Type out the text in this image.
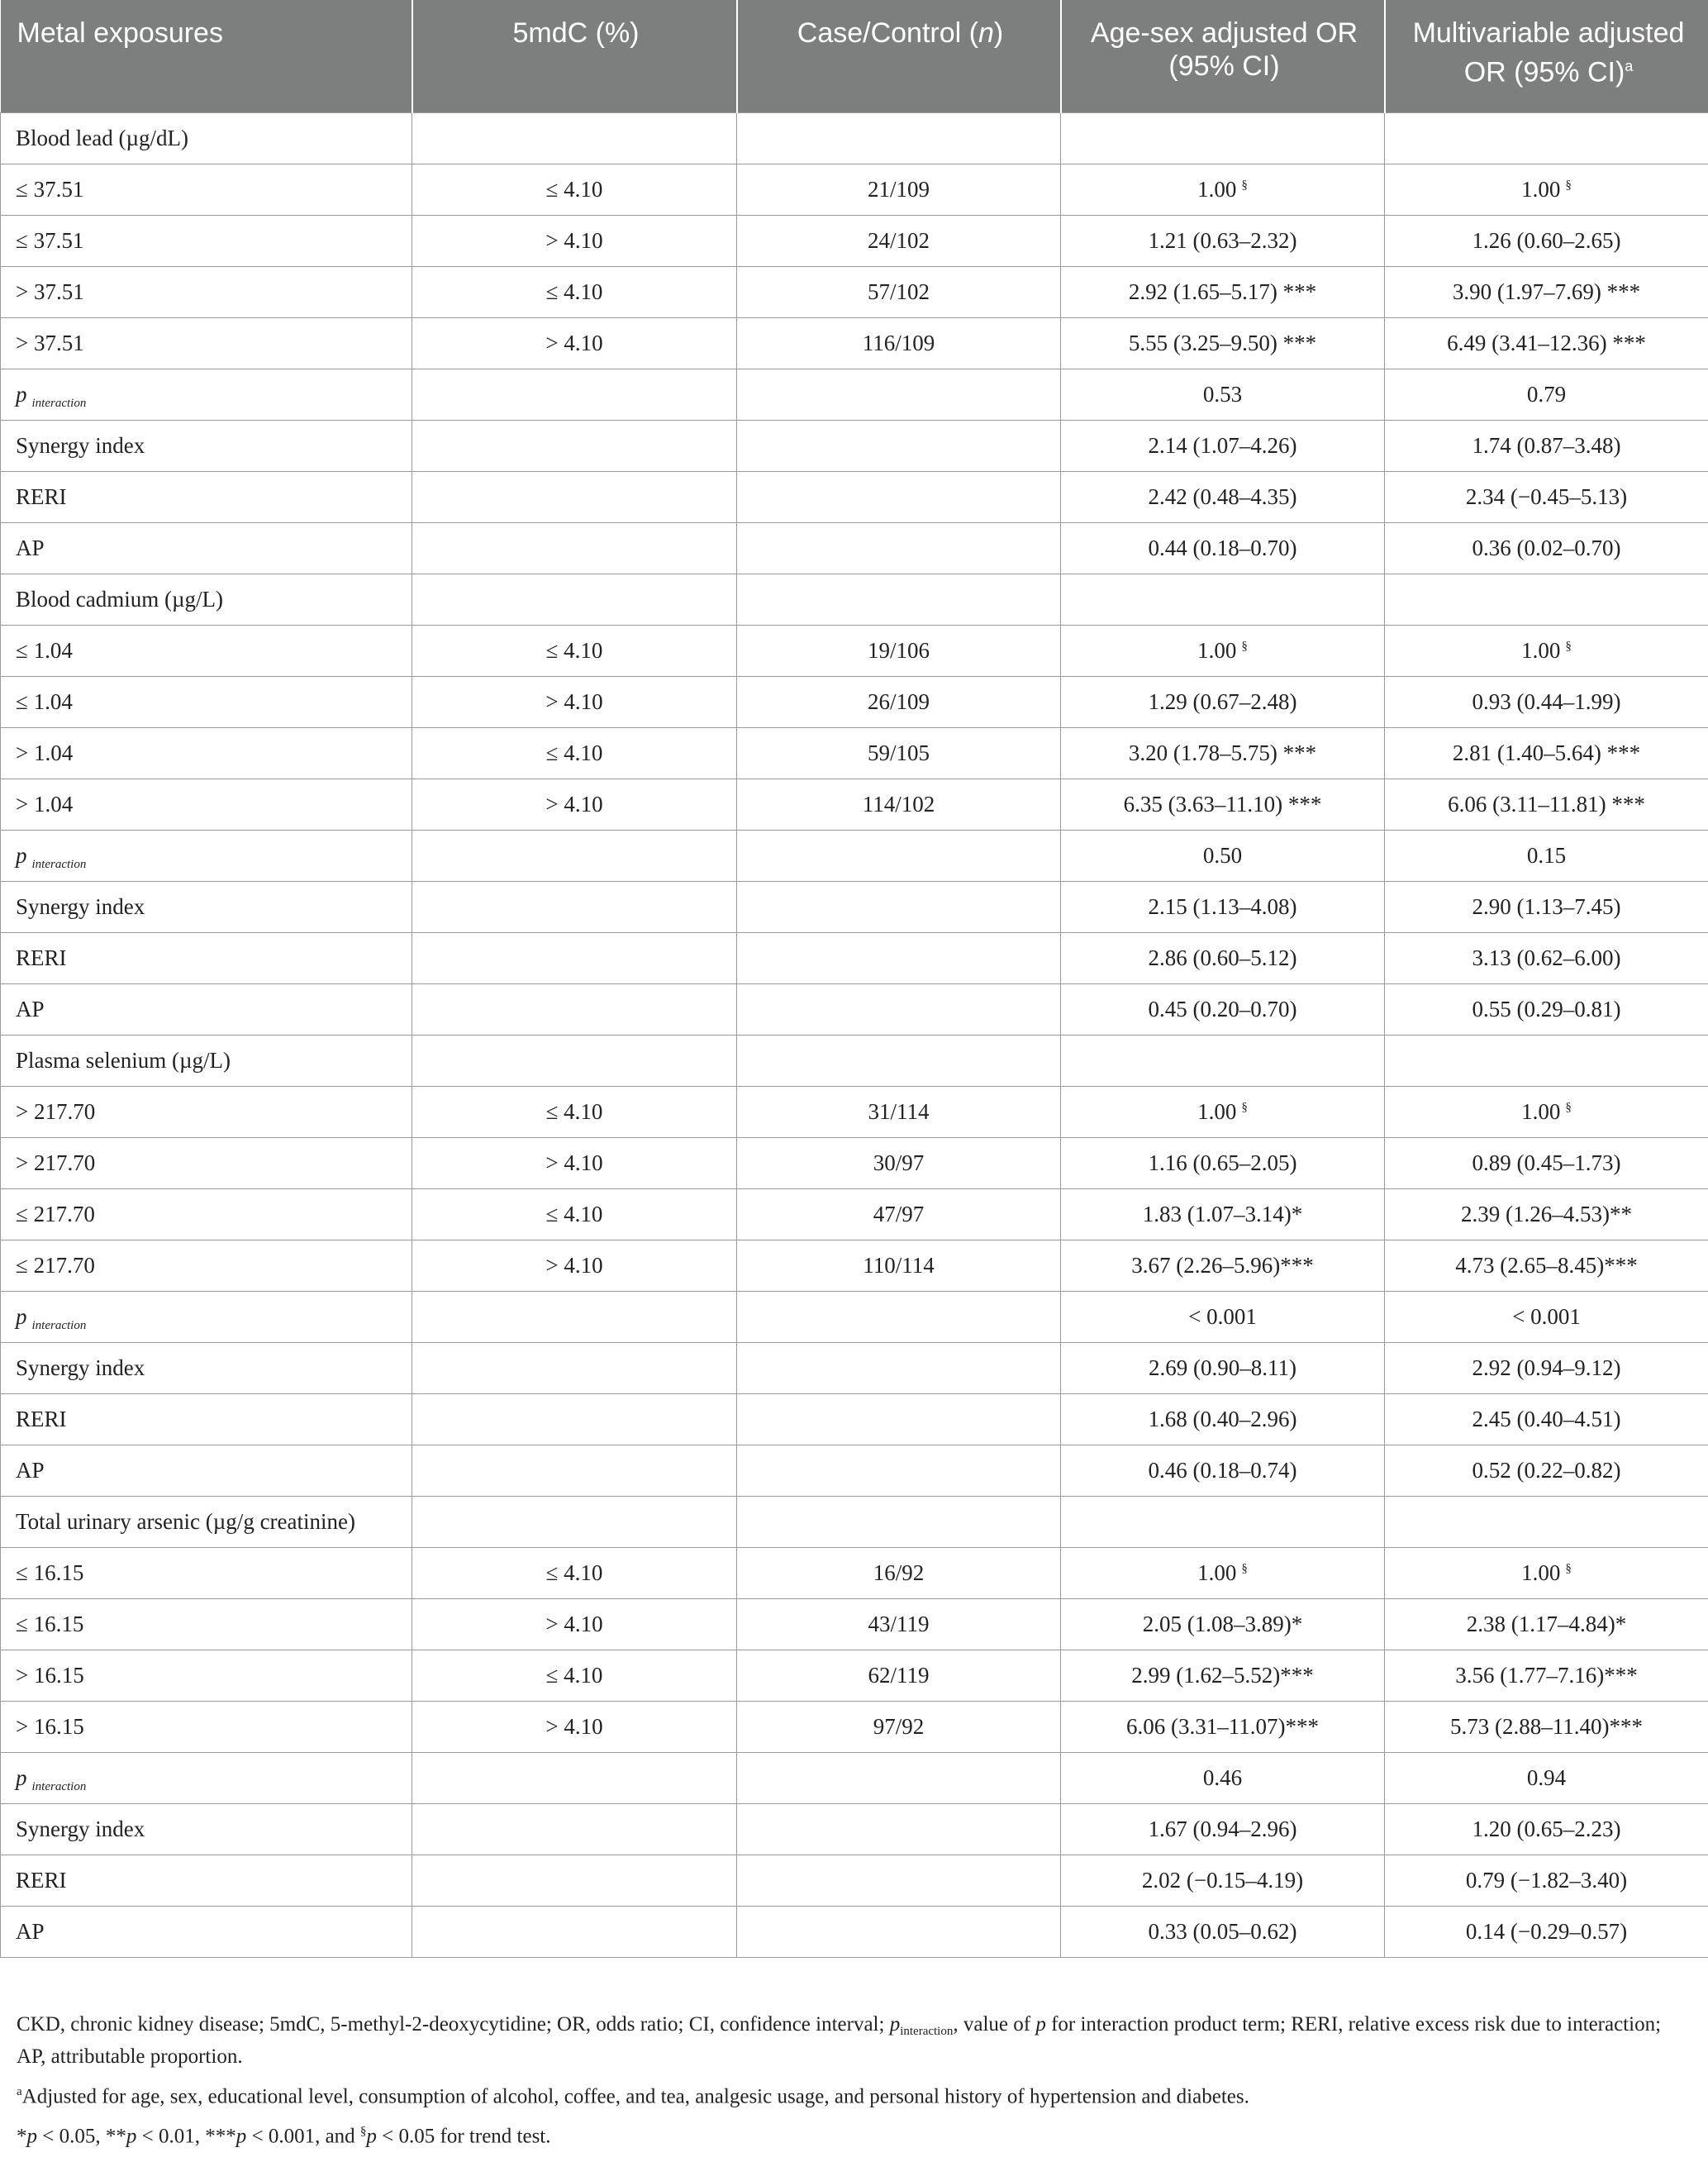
Metal exposures	5mdC (%)	Case/Control (n)	Age-sex adjusted OR (95% CI)	Multivariable adjusted OR (95% CI)$^a$
Blood lead (µg/dL)				
≤ 37.51	≤ 4.10	21/109	1.00 §	1.00 §
≤ 37.51	> 4.10	24/102	1.21 (0.63–2.32)	1.26 (0.60–2.65)
> 37.51	≤ 4.10	57/102	2.92 (1.65–5.17) ***	3.90 (1.97–7.69) ***
> 37.51	> 4.10	116/109	5.55 (3.25–9.50) ***	6.49 (3.41–12.36) ***
p $_{interaction}$			0.53	0.79
Synergy index			2.14 (1.07–4.26)	1.74 (0.87–3.48)
RERI			2.42 (0.48–4.35)	2.34 (−0.45–5.13)
AP			0.44 (0.18–0.70)	0.36 (0.02–0.70)
Blood cadmium (µg/L)				
≤ 1.04	≤ 4.10	19/106	1.00 §	1.00 §
≤ 1.04	> 4.10	26/109	1.29 (0.67–2.48)	0.93 (0.44–1.99)
> 1.04	≤ 4.10	59/105	3.20 (1.78–5.75) ***	2.81 (1.40–5.64) ***
> 1.04	> 4.10	114/102	6.35 (3.63–11.10) ***	6.06 (3.11–11.81) ***
p $_{interaction}$			0.50	0.15
Synergy index			2.15 (1.13–4.08)	2.90 (1.13–7.45)
RERI			2.86 (0.60–5.12)	3.13 (0.62–6.00)
AP			0.45 (0.20–0.70)	0.55 (0.29–0.81)
Plasma selenium (µg/L)				
> 217.70	≤ 4.10	31/114	1.00 §	1.00 §
> 217.70	> 4.10	30/97	1.16 (0.65–2.05)	0.89 (0.45–1.73)
≤ 217.70	≤ 4.10	47/97	1.83 (1.07–3.14)*	2.39 (1.26–4.53)**
≤ 217.70	> 4.10	110/114	3.67 (2.26–5.96)***	4.73 (2.65–8.45)***
p $_{interaction}$			< 0.001	< 0.001
Synergy index			2.69 (0.90–8.11)	2.92 (0.94–9.12)
RERI			1.68 (0.40–2.96)	2.45 (0.40–4.51)
AP			0.46 (0.18–0.74)	0.52 (0.22–0.82)
Total urinary arsenic (µg/g creatinine)				
≤ 16.15	≤ 4.10	16/92	1.00 §	1.00 §
≤ 16.15	> 4.10	43/119	2.05 (1.08–3.89)*	2.38 (1.17–4.84)*
> 16.15	≤ 4.10	62/119	2.99 (1.62–5.52)***	3.56 (1.77–7.16)***
> 16.15	> 4.10	97/92	6.06 (3.31–11.07)***	5.73 (2.88–11.40)***
p $_{interaction}$			0.46	0.94
Synergy index			1.67 (0.94–2.96)	1.20 (0.65–2.23)
RERI			2.02 (−0.15–4.19)	0.79 (−1.82–3.40)
AP			0.33 (0.05–0.62)	0.14 (−0.29–0.57)

CKD, chronic kidney disease; 5mdC, 5-methyl-2-deoxycytidine; OR, odds ratio; CI, confidence interval; $p_{interaction}$, value of p for interaction product term; RERI, relative excess risk due to interaction; AP, attributable proportion.

$^a$Adjusted for age, sex, educational level, consumption of alcohol, coffee, and tea, analgesic usage, and personal history of hypertension and diabetes.

*p < 0.05, **p < 0.01, ***p < 0.001, and §p < 0.05 for trend test.
